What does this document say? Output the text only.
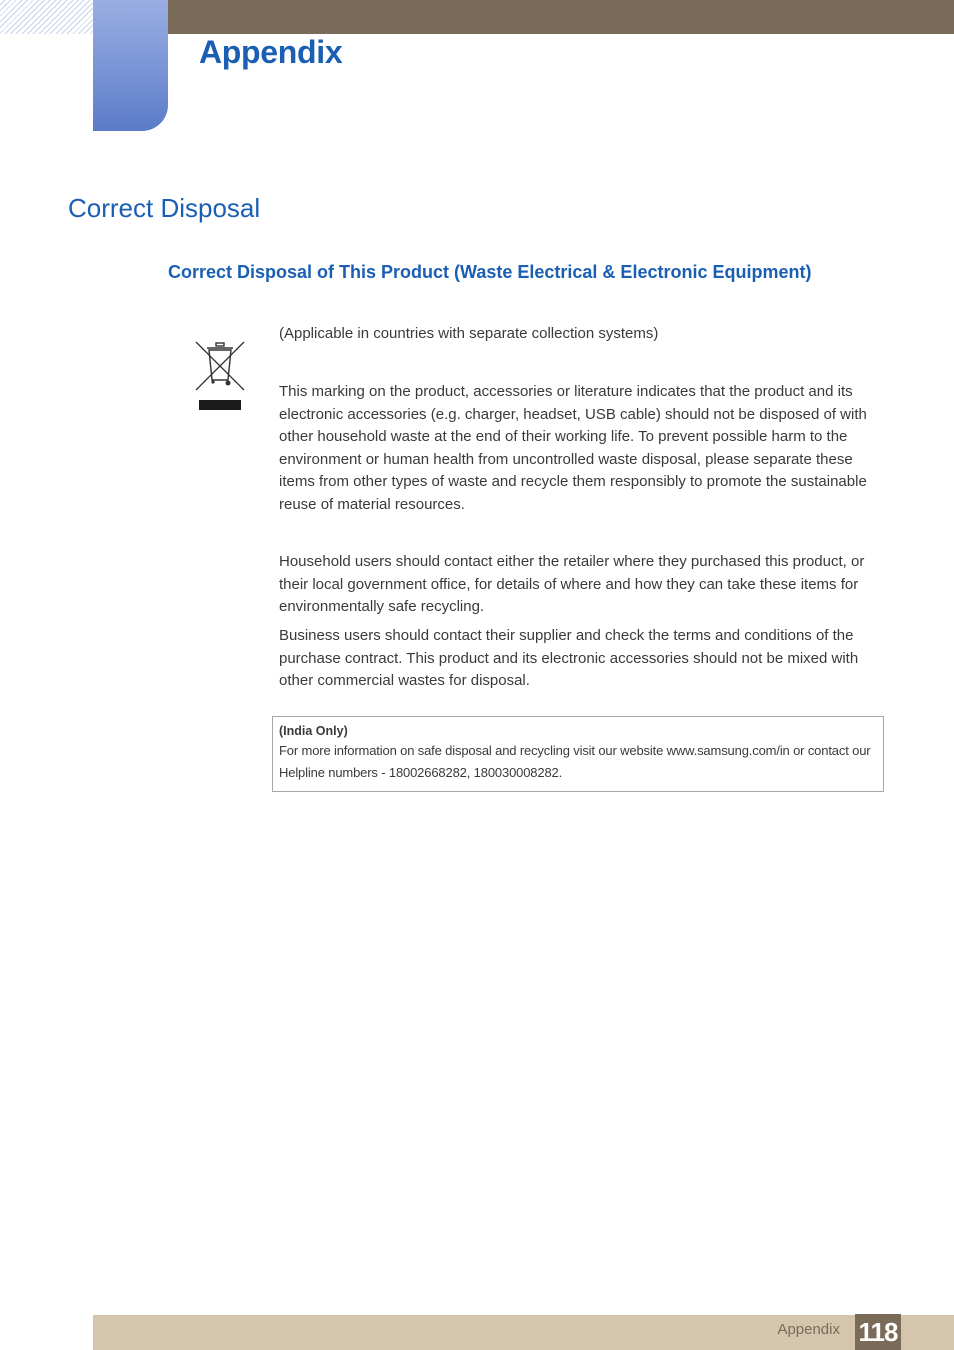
Appendix
Correct Disposal
Correct Disposal of This Product (Waste Electrical & Electronic Equipment)

(Applicable in countries with separate collection systems)

This marking on the product, accessories or literature indicates that the product and its electronic accessories (e.g. charger, headset, USB cable) should not be disposed of with other household waste at the end of their working life. To prevent possible harm to the environment or human health from uncontrolled waste disposal, please separate these items from other types of waste and recycle them responsibly to promote the sustainable reuse of material resources.

Household users should contact either the retailer where they purchased this product, or their local government office, for details of where and how they can take these items for environmentally safe recycling.

Business users should contact their supplier and check the terms and conditions of the purchase contract. This product and its electronic accessories should not be mixed with other commercial wastes for disposal.

(India Only)
For more information on safe disposal and recycling visit our website www.samsung.com/in or contact our Helpline numbers - 18002668282, 180030008282.
Appendix 118
